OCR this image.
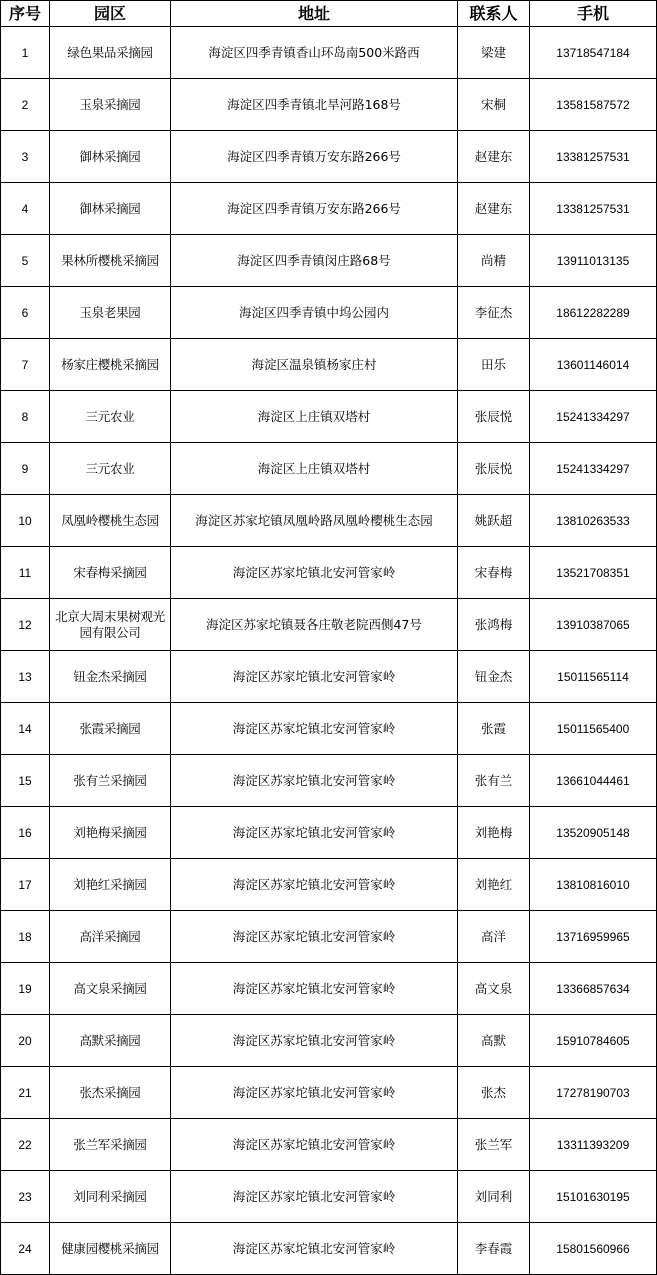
序号	园区	地址	联系人	手机
1	绿色果品采摘园	海淀区四季青镇香山环岛南500米路西	梁建	13718547184
2	玉泉采摘园	海淀区四季青镇北旱河路168号	宋桐	13581587572
3	御林采摘园	海淀区四季青镇万安东路266号	赵建东	13381257531
4	御林采摘园	海淀区四季青镇万安东路266号	赵建东	13381257531
5	果林所樱桃采摘园	海淀区四季青镇闵庄路68号	尚精	13911013135
6	玉泉老果园	海淀区四季青镇中坞公园内	李征杰	18612282289
7	杨家庄樱桃采摘园	海淀区温泉镇杨家庄村	田乐	13601146014
8	三元农业	海淀区上庄镇双塔村	张辰悦	15241334297
9	三元农业	海淀区上庄镇双塔村	张辰悦	15241334297
10	凤凰岭樱桃生态园	海淀区苏家坨镇凤凰岭路凤凰岭樱桃生态园	姚跃超	13810263533
11	宋春梅采摘园	海淀区苏家坨镇北安河管家岭	宋春梅	13521708351
12	北京大周末果树观光园有限公司	海淀区苏家坨镇聂各庄敬老院西侧47号	张鸿梅	13910387065
13	钮金杰采摘园	海淀区苏家坨镇北安河管家岭	钮金杰	15011565114
14	张霞采摘园	海淀区苏家坨镇北安河管家岭	张霞	15011565400
15	张有兰采摘园	海淀区苏家坨镇北安河管家岭	张有兰	13661044461
16	刘艳梅采摘园	海淀区苏家坨镇北安河管家岭	刘艳梅	13520905148
17	刘艳红采摘园	海淀区苏家坨镇北安河管家岭	刘艳红	13810816010
18	高洋采摘园	海淀区苏家坨镇北安河管家岭	高洋	13716959965
19	高文泉采摘园	海淀区苏家坨镇北安河管家岭	高文泉	13366857634
20	高默采摘园	海淀区苏家坨镇北安河管家岭	高默	15910784605
21	张杰采摘园	海淀区苏家坨镇北安河管家岭	张杰	17278190703
22	张兰军采摘园	海淀区苏家坨镇北安河管家岭	张兰军	13311393209
23	刘同利采摘园	海淀区苏家坨镇北安河管家岭	刘同利	15101630195
24	健康园樱桃采摘园	海淀区苏家坨镇北安河管家岭	李春霞	15801560966
